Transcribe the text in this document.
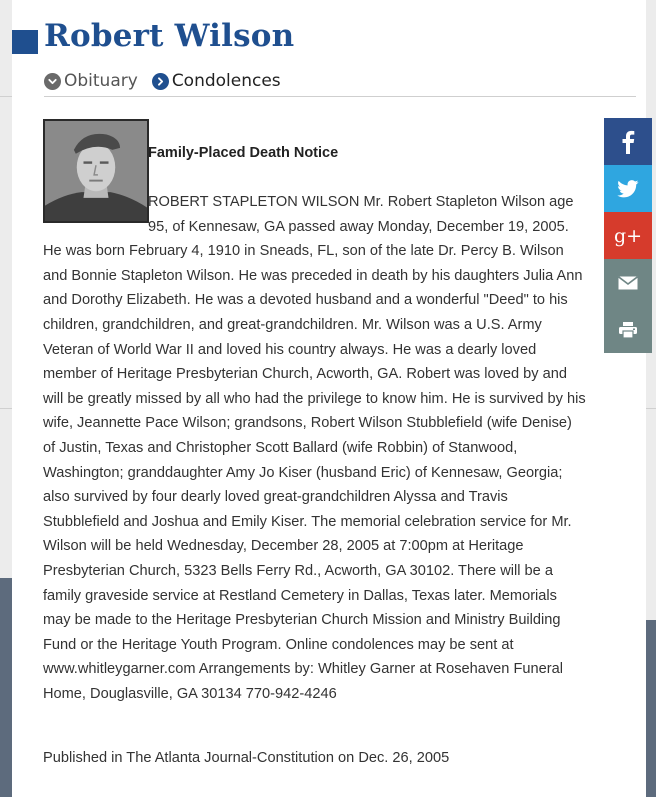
Robert Wilson
Obituary Condolences
Family-Placed Death Notice
ROBERT STAPLETON WILSON Mr. Robert Stapleton Wilson age 95, of Kennesaw, GA passed away Monday, December 19, 2005. He was born February 4, 1910 in Sneads, FL, son of the late Dr. Percy B. Wilson and Bonnie Stapleton Wilson. He was preceded in death by his daughters Julia Ann and Dorothy Elizabeth. He was a devoted husband and a wonderful "Deed" to his children, grandchildren, and great-grandchildren. Mr. Wilson was a U.S. Army Veteran of World War II and loved his country always. He was a dearly loved member of Heritage Presbyterian Church, Acworth, GA. Robert was loved by and will be greatly missed by all who had the privilege to know him. He is survived by his wife, Jeannette Pace Wilson; grandsons, Robert Wilson Stubblefield (wife Denise) of Justin, Texas and Christopher Scott Ballard (wife Robbin) of Stanwood, Washington; granddaughter Amy Jo Kiser (husband Eric) of Kennesaw, Georgia; also survived by four dearly loved great-grandchildren Alyssa and Travis Stubblefield and Joshua and Emily Kiser. The memorial celebration service for Mr. Wilson will be held Wednesday, December 28, 2005 at 7:00pm at Heritage Presbyterian Church, 5323 Bells Ferry Rd., Acworth, GA 30102. There will be a family graveside service at Restland Cemetery in Dallas, Texas later. Memorials may be made to the Heritage Presbyterian Church Mission and Ministry Building Fund or the Heritage Youth Program. Online condolences may be sent at www.whitleygarner.com Arrangements by: Whitley Garner at Rosehaven Funeral Home, Douglasville, GA 30134 770-942-4246
Published in The Atlanta Journal-Constitution on Dec. 26, 2005
g+
